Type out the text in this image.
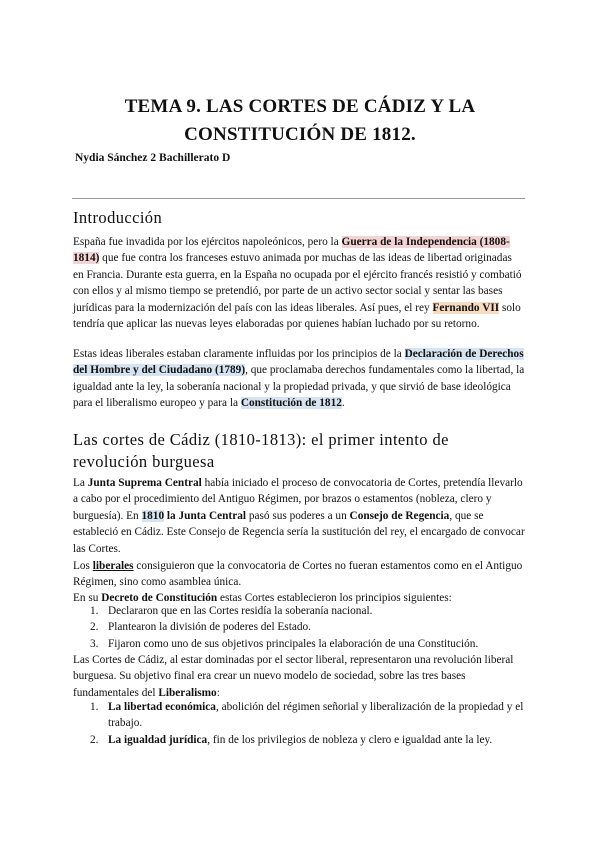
TEMA 9. LAS CORTES DE CÁDIZ Y LA
CONSTITUCIÓN DE 1812.
Nydia Sánchez 2 Bachillerato D
Introducción

España fue invadida por los ejércitos napoleónicos, pero la Guerra de la Independencia (1808-1814) que fue contra los franceses estuvo animada por muchas de las ideas de libertad originadas en Francia. Durante esta guerra, en la España no ocupada por el ejército francés resistió y combatió con ellos y al mismo tiempo se pretendió, por parte de un activo sector social y sentar las bases jurídicas para la modernización del país con las ideas liberales. Así pues, el rey Fernando VII solo tendría que aplicar las nuevas leyes elaboradas por quienes habían luchado por su retorno.

Estas ideas liberales estaban claramente influidas por los principios de la Declaración de Derechos del Hombre y del Ciudadano (1789), que proclamaba derechos fundamentales como la libertad, la igualdad ante la ley, la soberanía nacional y la propiedad privada, y que sirvió de base ideológica para el liberalismo europeo y para la Constitución de 1812.

Las cortes de Cádiz (1810-1813): el primer intento de revolución burguesa

La Junta Suprema Central había iniciado el proceso de convocatoria de Cortes, pretendía llevarlo a cabo por el procedimiento del Antiguo Régimen, por brazos o estamentos (nobleza, clero y burguesía). En 1810 la Junta Central pasó sus poderes a un Consejo de Regencia, que se estableció en Cádiz. Este Consejo de Regencia sería la sustitución del rey, el encargado de convocar las Cortes.

Los liberales consiguieron que la convocatoria de Cortes no fueran estamentos como en el Antiguo Régimen, sino como asamblea única.

En su Decreto de Constitución estas Cortes establecieron los principios siguientes:

1. Declararon que en las Cortes residía la soberanía nacional.
2. Plantearon la división de poderes del Estado.
3. Fijaron como uno de sus objetivos principales la elaboración de una Constitución.

Las Cortes de Cádiz, al estar dominadas por el sector liberal, representaron una revolución liberal burguesa. Su objetivo final era crear un nuevo modelo de sociedad, sobre las tres bases fundamentales del Liberalismo:

1. La libertad económica, abolición del régimen señorial y liberalización de la propiedad y el trabajo.
2. La igualdad jurídica, fin de los privilegios de nobleza y clero e igualdad ante la ley.
